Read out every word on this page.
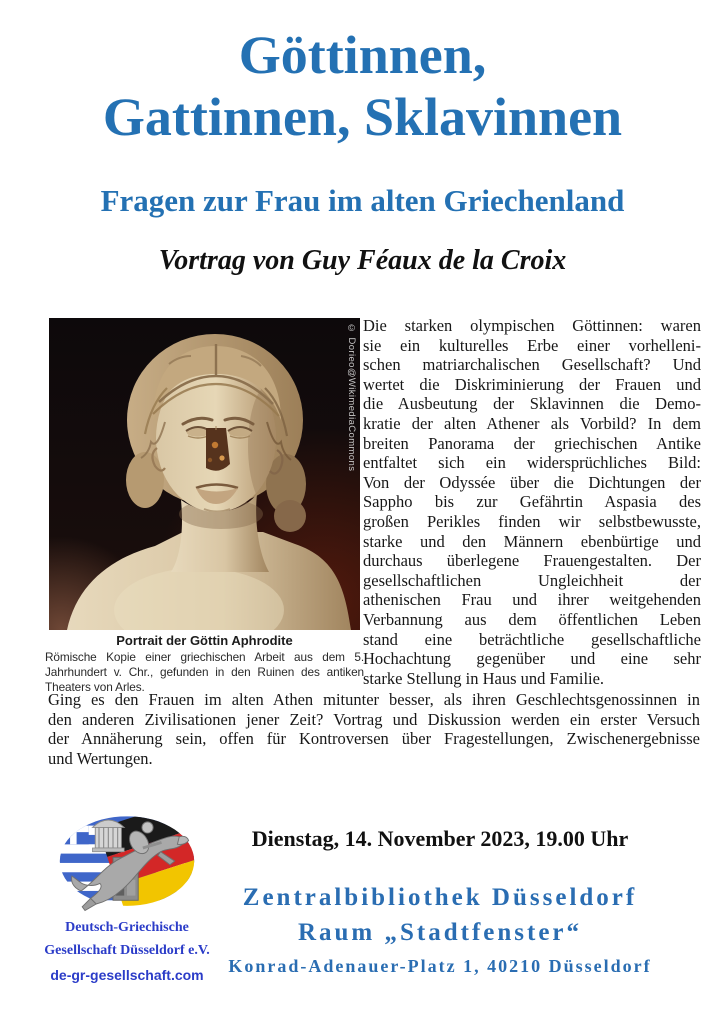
Göttinnen,
Gattinnen, Sklavinnen
Fragen zur Frau im alten Griechenland
Vortrag von Guy Féaux de la Croix
© Dorieo@WikimediaCommons
Portrait der Göttin Aphrodite
Römische Kopie einer griechischen Arbeit aus dem 5.
Jahrhundert v. Chr., gefunden in den Ruinen des antiken
Theaters von Arles.
Die starken olympischen Göttinnen: waren
sie ein kulturelles Erbe einer vorhelleni-
schen matriarchalischen Gesellschaft? Und
wertet die Diskriminierung der Frauen und
die Ausbeutung der Sklavinnen die Demo-
kratie der alten Athener als Vorbild? In dem
breiten Panorama der griechischen Antike
entfaltet sich ein widersprüchliches Bild:
Von der Odyssée über die Dichtungen der
Sappho bis zur Gefährtin Aspasia des
großen Perikles finden wir selbstbewusste,
starke und den Männern ebenbürtige und
durchaus überlegene Frauengestalten. Der
gesellschaftlichen Ungleichheit der
athenischen Frau und ihrer weitgehenden
Verbannung aus dem öffentlichen Leben
stand eine beträchtliche gesellschaftliche
Hochachtung gegenüber und eine sehr
starke Stellung in Haus und Familie.
Ging es den Frauen im alten Athen mitunter besser, als ihren Geschlechtsgenossinnen in
den anderen Zivilisationen jener Zeit? Vortrag und Diskussion werden ein erster Versuch
der Annäherung sein, offen für Kontroversen über Fragestellungen, Zwischenergebnisse
und Wertungen.
Deutsch-Griechische
Gesellschaft Düsseldorf e.V.
de-gr-gesellschaft.com
Dienstag, 14. November 2023, 19.00 Uhr
Zentralbibliothek Düsseldorf
Raum „Stadtfenster“
Konrad-Adenauer-Platz 1, 40210 Düsseldorf
